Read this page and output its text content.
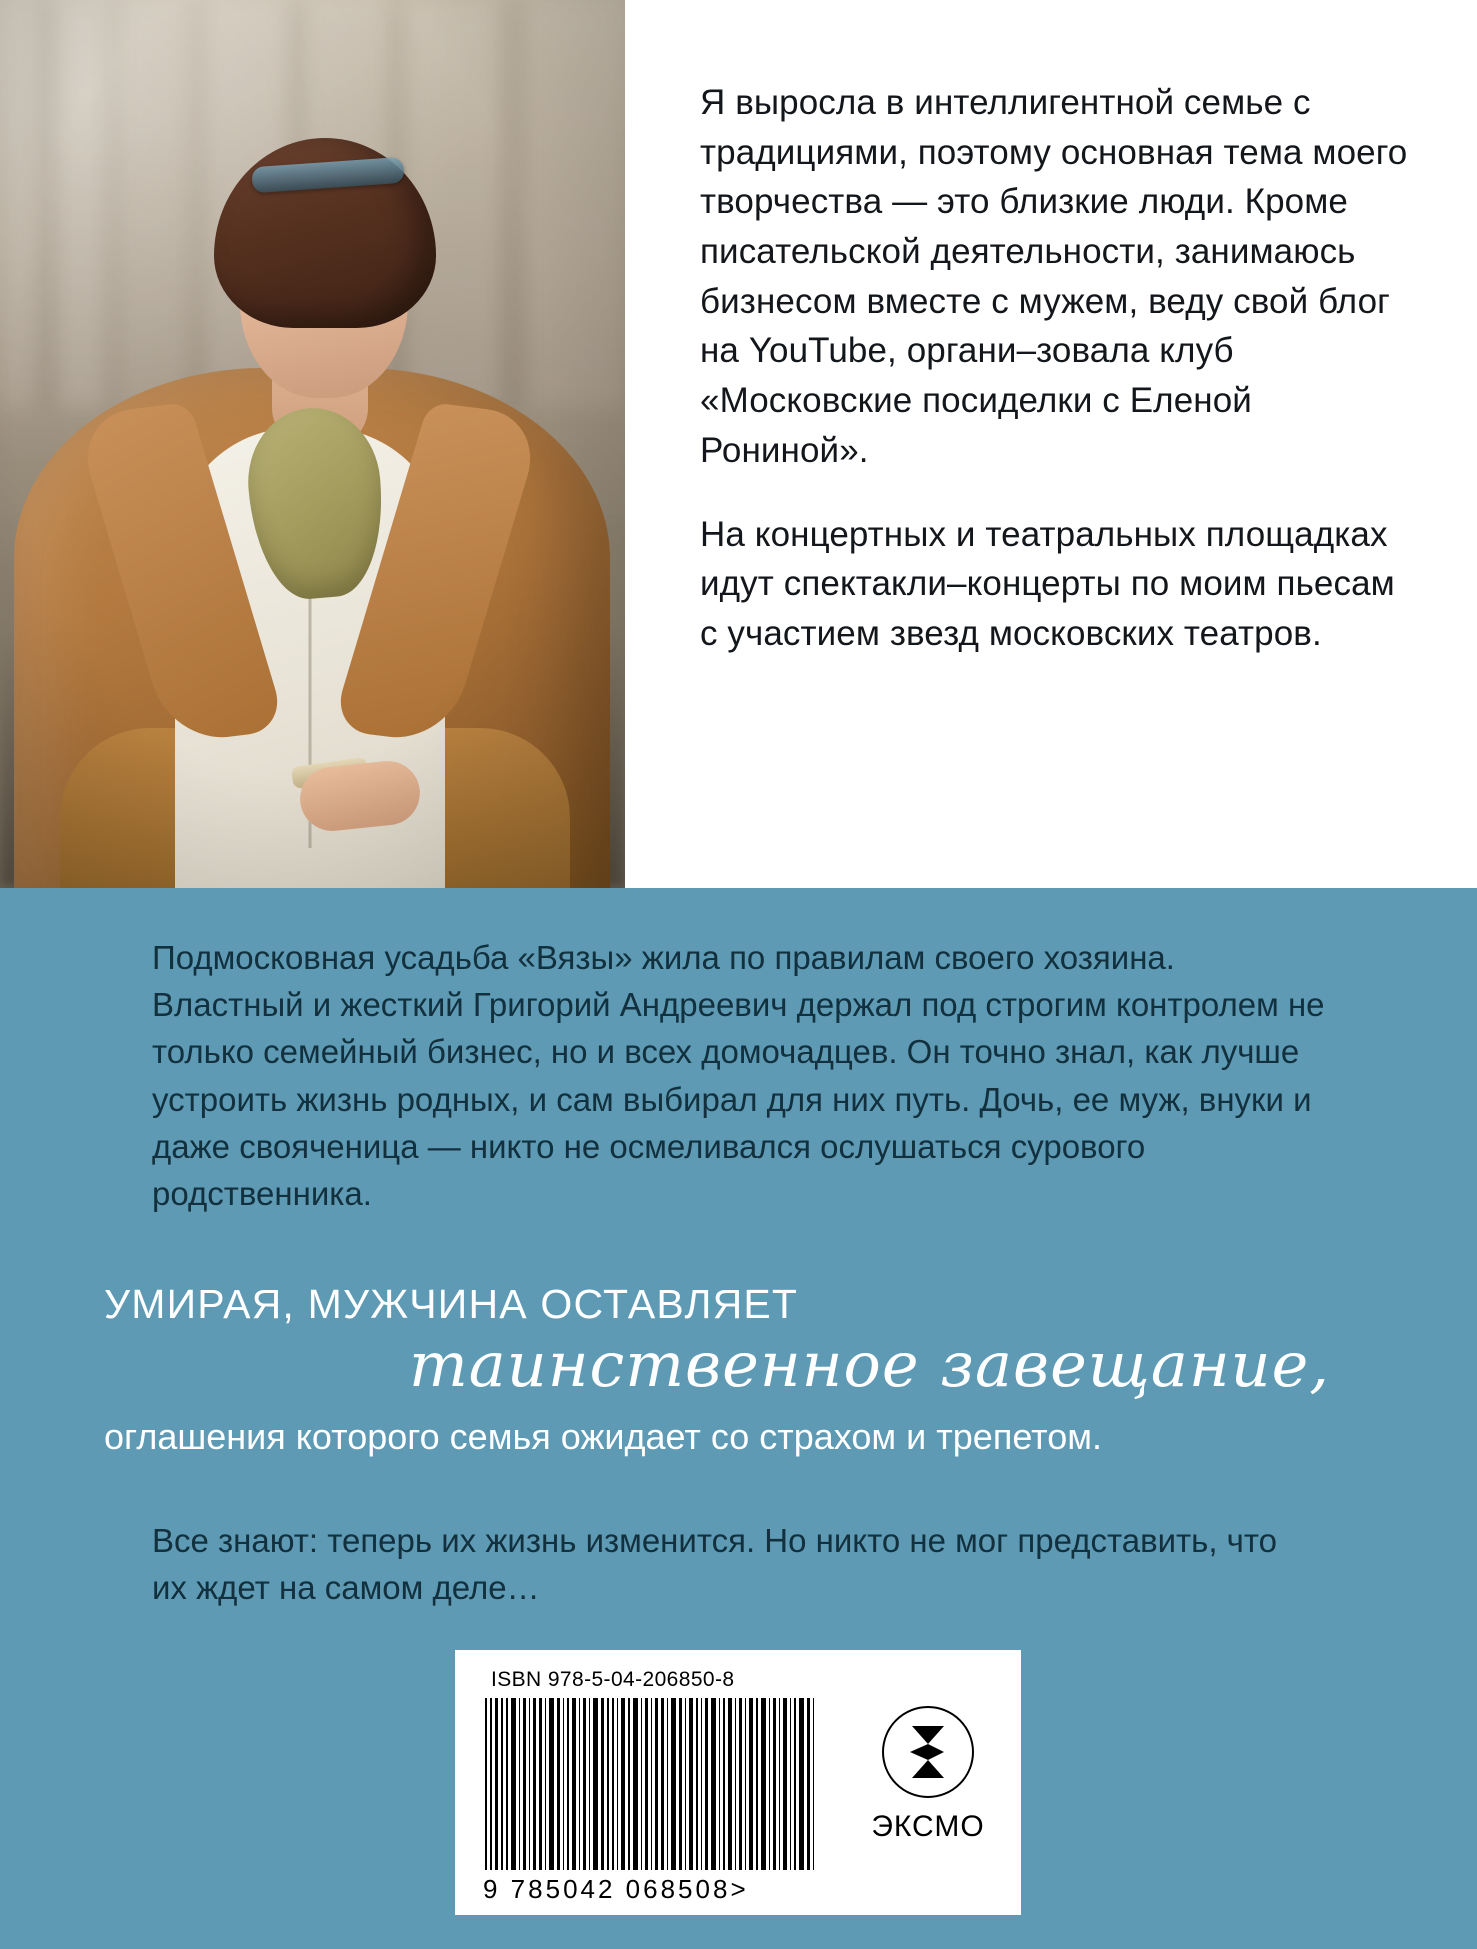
Я выросла в интеллигентной семье с традициями, поэтому основная тема моего творчества — это близкие люди. Кроме писательской деятельности, занимаюсь бизнесом вместе с мужем, веду свой блог на YouTube, органи–зовала клуб «Московские посиделки с Еленой Рониной».

На концертных и театральных площадках идут спектакли–концерты по моим пьесам с участием звезд московских театров.

Подмосковная усадьба «Вязы» жила по правилам своего хозяина. Властный и жесткий Григорий Андреевич держал под строгим контролем не только семейный бизнес, но и всех домочадцев. Он точно знал, как лучше устроить жизнь родных, и сам выбирал для них путь. Дочь, ее муж, внуки и даже свояченица — никто не осмеливался ослушаться сурового родственника.

УМИРАЯ, МУЖЧИНА ОСТАВЛЯЕТ

таинственное завещание,

оглашения которого семья ожидает со страхом и трепетом.

Все знают: теперь их жизнь изменится. Но никто не мог представить, что их ждет на самом деле…

ISBN 978-5-04-206850-8
9 785042 068508>
ЭКСМО
